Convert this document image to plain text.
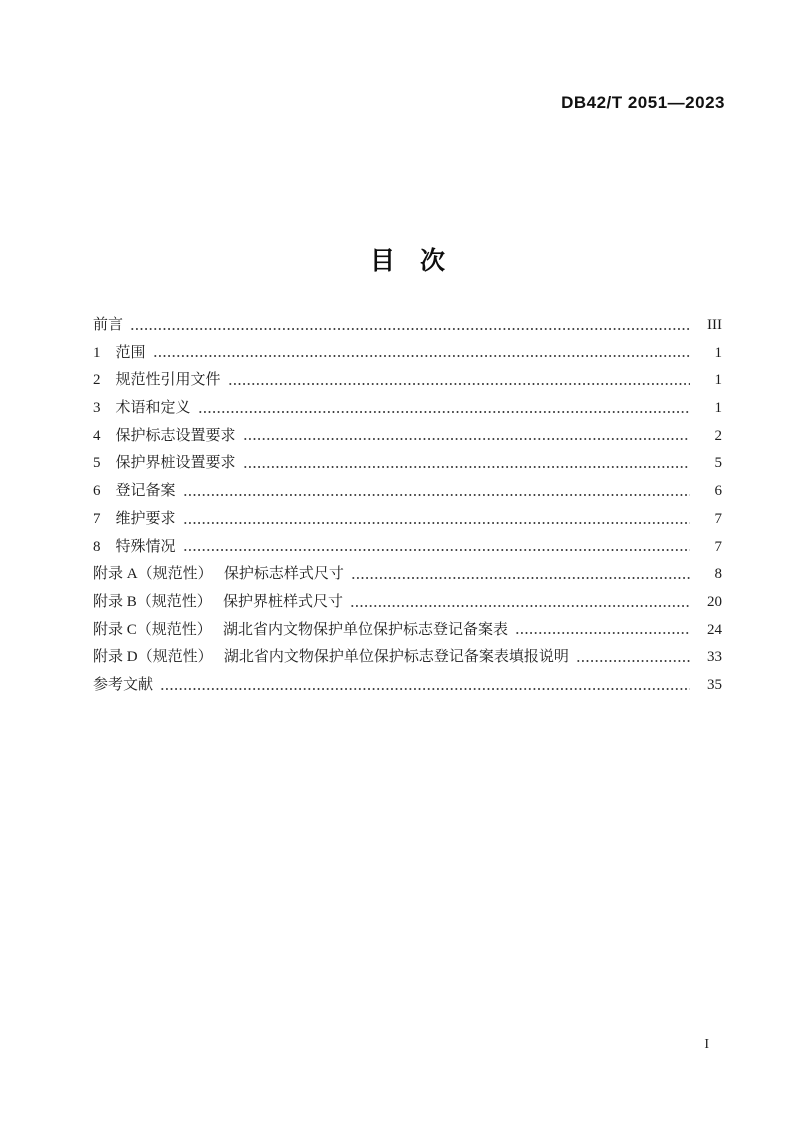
DB42/T 2051—2023
目　次
前言	III
1　范围	1
2　规范性引用文件	1
3　术语和定义	1
4　保护标志设置要求	2
5　保护界桩设置要求	5
6　登记备案	6
7　维护要求	7
8　特殊情况	7
附录 A（规范性）　 保护标志样式尺寸	8
附录 B（规范性）　 保护界桩样式尺寸	20
附录 C（规范性）　 湖北省内文物保护单位保护标志登记备案表	24
附录 D（规范性）　 湖北省内文物保护单位保护标志登记备案表填报说明	33
参考文献	35
I
